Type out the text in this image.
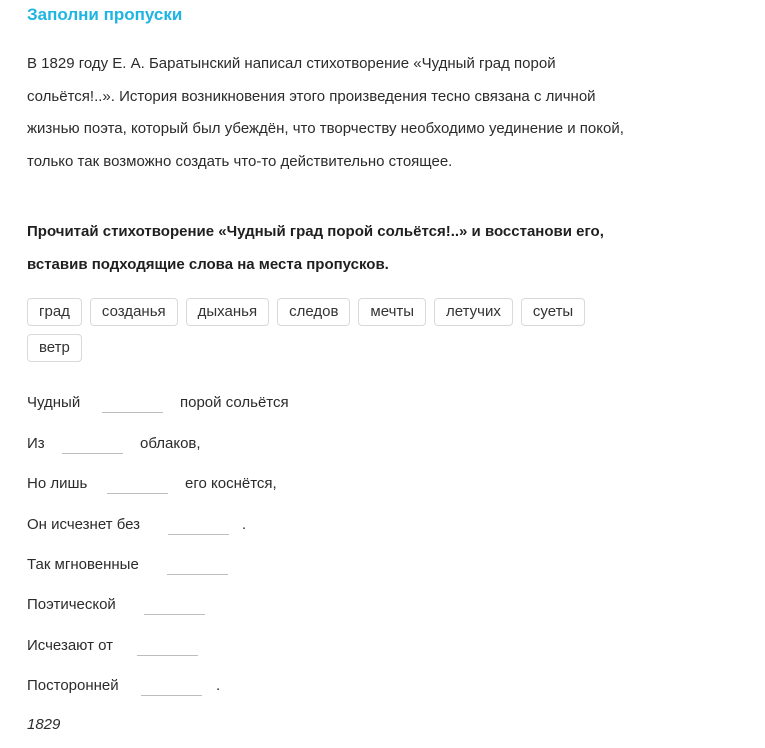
Заполни пропуски
В 1829 году Е. А. Баратынский написал стихотворение «Чудный град порой сольётся!..». История возникновения этого произведения тесно связана с личной жизнью поэта, который был убеждён, что творчеству необходимо уединение и покой, только так возможно создать что-то действительно стоящее.
Прочитай стихотворение «Чудный град порой сольётся!..» и восстанови его, вставив подходящие слова на места пропусков.
град	созданья	дыханья	следов	мечты	летучих	суеты
ветр
Чудный	порой сольётся
Из	облаков,
Но лишь	его коснётся,
Он исчезнет без	.
Так мгновенные
Поэтической
Исчезают от
Посторонней	.
1829
